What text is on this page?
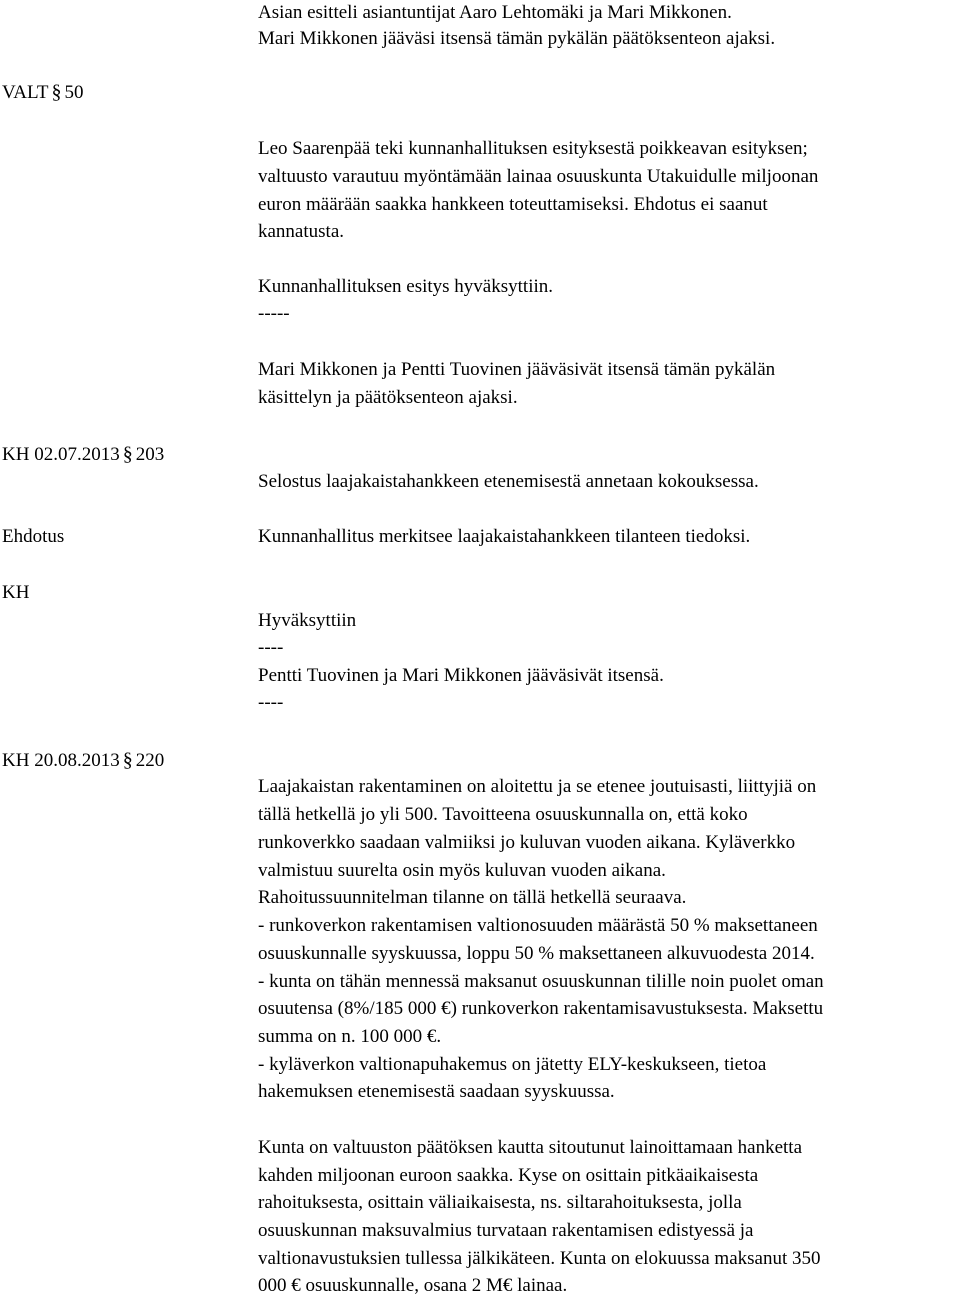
VALT § 50

KH 02.07.2013 § 203

Ehdotus

KH

KH 20.08.2013 § 220

Asian esitteli asiantuntijat Aaro Lehtomäki ja Mari Mikkonen.

Mari Mikkonen jääväsi itsensä tämän pykälän päätöksenteon ajaksi.

Leo Saarenpää teki kunnanhallituksen esityksestä poikkeavan esityksen;

valtuusto varautuu myöntämään lainaa osuuskunta Utakuidulle miljoonan

euron määrään saakka hankkeen toteuttamiseksi. Ehdotus ei saanut

kannatusta.

Kunnanhallituksen esitys hyväksyttiin.

-----

Mari Mikkonen ja Pentti Tuovinen jääväsivät itsensä tämän pykälän

käsittelyn ja päätöksenteon ajaksi.

Selostus laajakaistahankkeen etenemisestä annetaan kokouksessa.

Kunnanhallitus merkitsee laajakaistahankkeen tilanteen tiedoksi.

Hyväksyttiin

----

Pentti Tuovinen ja Mari Mikkonen jääväsivät itsensä.

----

Laajakaistan rakentaminen on aloitettu ja se etenee joutuisasti, liittyjiä on

tällä hetkellä jo yli 500. Tavoitteena osuuskunnalla on, että koko

runkoverkko saadaan valmiiksi jo kuluvan vuoden aikana. Kyläverkko

valmistuu suurelta osin myös kuluvan vuoden aikana.

Rahoitussuunnitelman tilanne on tällä hetkellä seuraava.

- runkoverkon rakentamisen valtionosuuden määrästä 50 % maksettaneen

osuuskunnalle syyskuussa, loppu 50 % maksettaneen alkuvuodesta 2014.

- kunta on tähän mennessä maksanut osuuskunnan tilille noin puolet oman

osuutensa (8%/185 000 €) runkoverkon rakentamisavustuksesta. Maksettu

summa on n. 100 000 €.

- kyläverkon valtionapuhakemus on jätetty ELY-keskukseen, tietoa

hakemuksen etenemisestä saadaan syyskuussa.

Kunta on valtuuston päätöksen kautta sitoutunut lainoittamaan hanketta

kahden miljoonan euroon saakka. Kyse on osittain pitkäaikaisesta

rahoituksesta, osittain väliaikaisesta, ns. siltarahoituksesta, jolla

osuuskunnan maksuvalmius turvataan rakentamisen edistyessä ja

valtionavustuksien tullessa jälkikäteen. Kunta on elokuussa maksanut 350

000 € osuuskunnalle, osana 2 M€ lainaa.
